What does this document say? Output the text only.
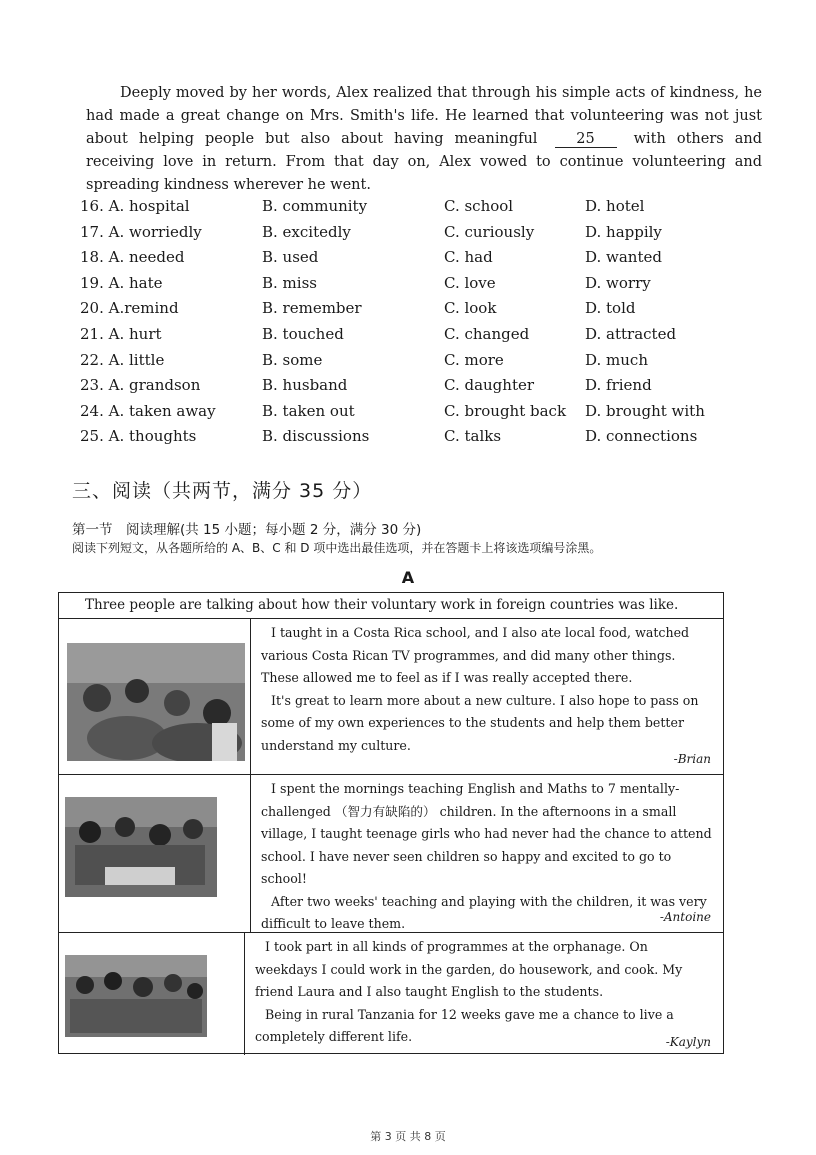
Deeply moved by her words, Alex realized that through his simple acts of kindness, he had made a great change on Mrs. Smith's life. He learned that volunteering was not just about helping people but also about having meaningful	25	with others and receiving love in return. From that day on, Alex vowed to continue volunteering and spreading kindness wherever he went.
16. A. hospital	B. community	C. school	D. hotel
17. A. worriedly	B. excitedly	C. curiously	D. happily
18. A. needed	B. used	C. had	D. wanted
19. A. hate	B. miss	C. love	D. worry
20. A.remind	B. remember	C. look	D. told
21. A. hurt	B. touched	C. changed	D. attracted
22. A. little	B. some	C. more	D. much
23. A. grandson	B. husband	C. daughter	D. friend
24. A. taken away	B. taken out	C. brought back D. brought with
25. A. thoughts	B. discussions	C. talks	D. connections
三、阅读（共两节，满分 35 分）
第一节　阅读理解(共 15 小题；每小题 2 分，满分 30 分)
阅读下列短文，从各题所给的 A、B、C 和 D 项中选出最佳选项，并在答题卡上将该选项编号涂黑。
A
Three people are talking about how their voluntary work in foreign countries was like.

I taught in a Costa Rica school, and I also ate local food, watched various Costa Rican TV programmes, and did many other things. These allowed me to feel as if I was really accepted there.

It's great to learn more about a new culture. I also hope to pass on some of my own experiences to the students and help them better understand my culture.

-Brian

I spent the mornings teaching English and Maths to 7 mentally-challenged （智力有缺陷的） children. In the afternoons in a small village, I taught teenage girls who had never had the chance to attend school. I have never seen children so happy and excited to go to school!

After two weeks' teaching and playing with the children, it was very difficult to leave them.	-Antoine

I took part in all kinds of programmes at the orphanage. On weekdays I could work in the garden, do housework, and cook. My friend Laura and I also taught English to the students.

Being in rural Tanzania for 12 weeks gave me a chance to live a completely different life.	-Kaylyn
第 3 页 共 8 页
